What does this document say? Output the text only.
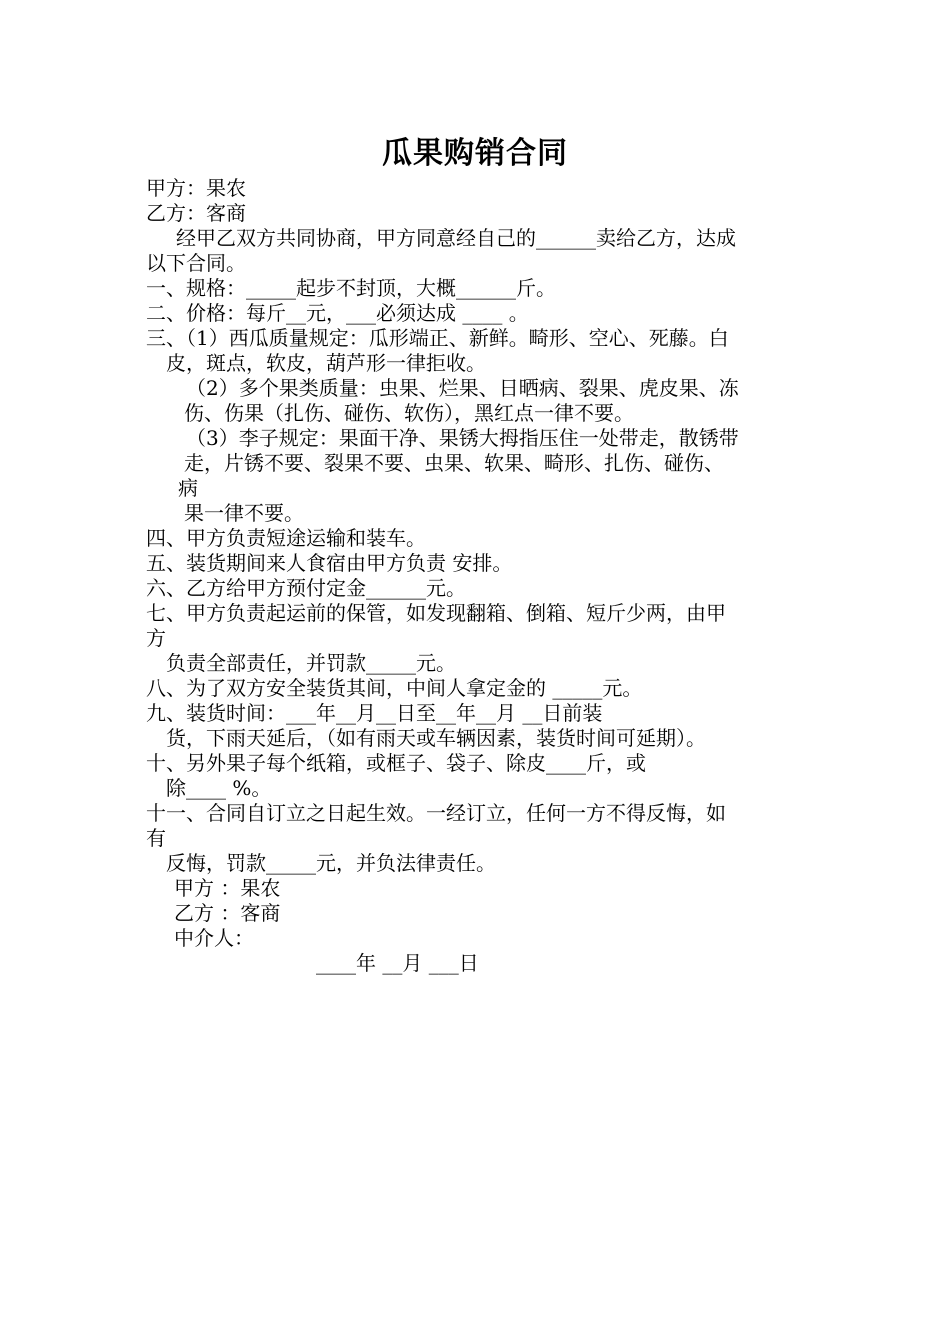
瓜果购销合同
甲方：果农
乙方：客商
经甲乙双方共同协商，甲方同意经自己的______卖给乙方，达成
以下合同。
一、规格：_____起步不封顶，大概______斤。
二、价格：每斤__元，___必须达成 ____ 。
三、（1）西瓜质量规定：瓜形端正、新鲜。畸形、空心、死藤。白
皮，斑点，软皮，葫芦形一律拒收。
（2）多个果类质量：虫果、烂果、日晒病、裂果、虎皮果、冻
伤、伤果（扎伤、碰伤、软伤），黑红点一律不要。
（3）李子规定：果面干净、果锈大拇指压住一处带走，散锈带
走，片锈不要、裂果不要、虫果、软果、畸形、扎伤、碰伤、
病
果一律不要。
四、甲方负责短途运输和装车。
五、装货期间来人食宿由甲方负责 安排。
六、乙方给甲方预付定金______元。
七、甲方负责起运前的保管，如发现翻箱、倒箱、短斤少两，由甲
方
负责全部责任，并罚款_____元。
八、为了双方安全装货其间，中间人拿定金的 _____元。
九、装货时间：___年__月__日至__年__月 __日前装
货，下雨天延后，（如有雨天或车辆因素，装货时间可延期）。
十、另外果子每个纸箱，或框子、袋子、除皮____斤，或
除____ %。
十一、合同自订立之日起生效。一经订立，任何一方不得反悔，如
有
反悔，罚款_____元，并负法律责任。
甲方 ：果农
乙方 ：客商
中介人：
____年 __月 ___日
